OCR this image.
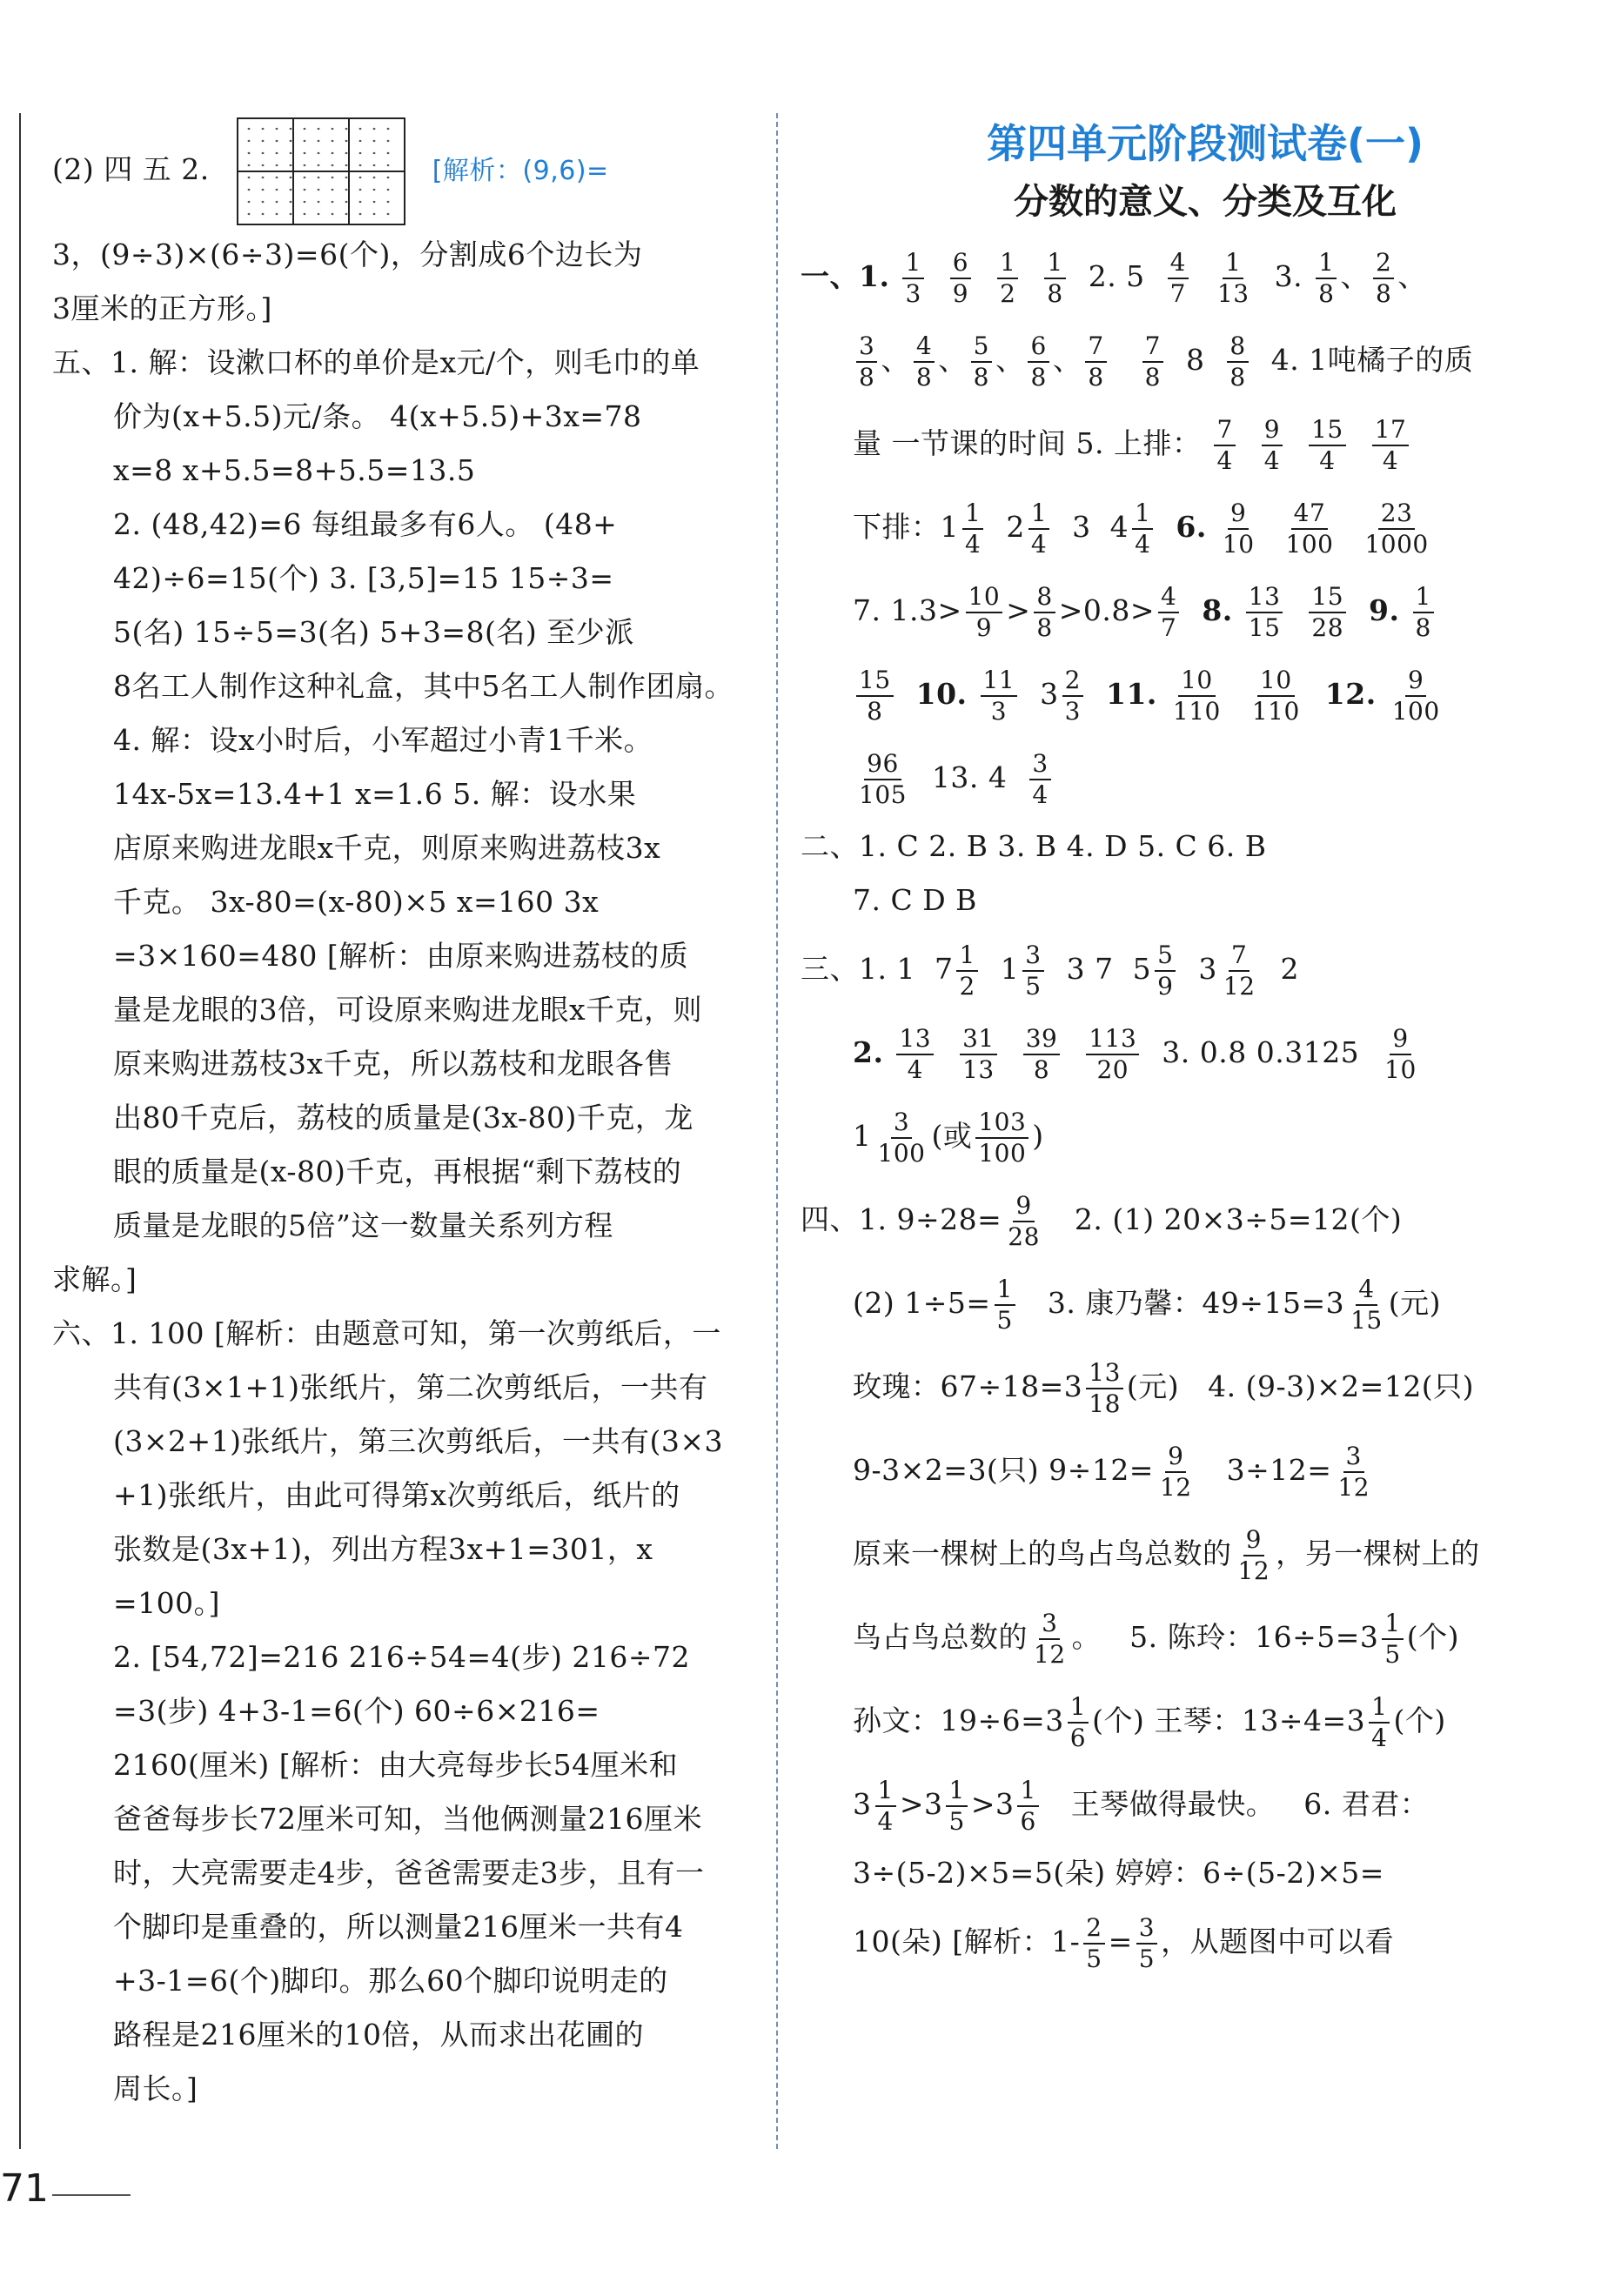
(2) 四 五 2.	[解析：(9,6)=

3，(9÷3)×(6÷3)=6(个)，分割成6个边长为

3厘米的正方形。]

五、1. 解：设漱口杯的单价是x元/个，则毛巾的单

价为(x+5.5)元/条。 4(x+5.5)+3x=78

x=8 x+5.5=8+5.5=13.5

2. (48,42)=6 每组最多有6人。 (48+

42)÷6=15(个) 3. [3,5]=15 15÷3=

5(名) 15÷5=3(名) 5+3=8(名) 至少派

8名工人制作这种礼盒，其中5名工人制作团扇。

4. 解：设x小时后，小军超过小青1千米。

14x-5x=13.4+1 x=1.6 5. 解：设水果

店原来购进龙眼x千克，则原来购进荔枝3x

千克。 3x-80=(x-80)×5 x=160 3x

=3×160=480 [解析：由原来购进荔枝的质

量是龙眼的3倍，可设原来购进龙眼x千克，则

原来购进荔枝3x千克，所以荔枝和龙眼各售

出80千克后，荔枝的质量是(3x-80)千克，龙

眼的质量是(x-80)千克，再根据“剩下荔枝的

质量是龙眼的5倍”这一数量关系列方程

求解。]

六、1. 100 [解析：由题意可知，第一次剪纸后，一

共有(3×1+1)张纸片，第二次剪纸后，一共有

(3×2+1)张纸片，第三次剪纸后，一共有(3×3

+1)张纸片，由此可得第x次剪纸后，纸片的

张数是(3x+1)，列出方程3x+1=301，x

=100。]

2. [54,72]=216 216÷54=4(步) 216÷72

=3(步) 4+3-1=6(个) 60÷6×216=

2160(厘米) [解析：由大亮每步长54厘米和

爸爸每步长72厘米可知，当他俩测量216厘米

时，大亮需要走4步，爸爸需要走3步，且有一

个脚印是重叠的，所以测量216厘米一共有4

+3-1=6(个)脚印。那么60个脚印说明走的

路程是216厘米的10倍，从而求出花圃的

周长。]

第四单元阶段测试卷(一)
分数的意义、分类及互化

一、1. $\frac{1}{3}$
$\frac{6}{9}$
$\frac{1}{2}$
$\frac{1}{8} 2$. $5 \frac{4}{7}$
$\frac{1}{13} 3$. $\frac{1}{8}$ 、 $\frac{2}{8}$ 、

$\frac{3}{8}$ 、 $\frac{4}{8}$ 、 $\frac{5}{8}$ 、 $\frac{6}{8}$ 、 $\frac{7}{8}$
$\frac{7}{8} 8 \frac{8}{8} 4$. 1吨橘子的质

量 一节课的时间 5. 上排： $\frac{7}{4}$
$\frac{9}{4}$
$\frac{15}{4}$
$\frac{17}{4}$

下排：$1 \frac{1}{4} 2 \frac{1}{4} 3$ $4 \frac{1}{4} 6$. $\frac{9}{10}$
$\frac{47}{100}$
$\frac{23}{1000}$

7. $1.3> \frac{10}{9} > \frac{8}{8} >0.8> \frac{4}{7} 8$. $\frac{13}{15}$
$\frac{15}{28} 9$. $\frac{1}{8}$

$\frac{15}{8} 10$. $\frac{11}{3} 3 \frac{2}{3} 11$. $\frac{10}{110}$
$\frac{10}{110} 12$. $\frac{9}{100}$

$\frac{96}{105} 13$. $4 \frac{3}{4}$

二、1. C 2. B 3. B 4. D 5. C 6. B

7. C D B

三、1. 1 $7 \frac{1}{2} 1 \frac{3}{5} 3$ 7 $5 \frac{5}{9} 3 \frac{7}{12} 2$

2. $\frac{13}{4}$
$\frac{31}{13}$
$\frac{39}{8}$
$\frac{113}{20} 3$. 0.8 $0.3125 \frac{9}{10}$

$1 \frac{3}{100}$ (或 $\frac{103}{100}$ )

四、1. $9\div 28= \frac{9}{28} 2$. (1) 20×3÷5=12(个)

(2) $1\div 5= \frac{1}{5} 3$. 康乃馨：$49\div 15=3 \frac{4}{15}$ (元)

玫瑰：$67\div 18=3 \frac{13}{18}$ (元) 4. (9-3)×2=12(只)

9-3×2=3(只) $9\div 12= \frac{9}{12} 3\div 12= \frac{3}{12}$

原来一棵树上的鸟占鸟总数的 $\frac{9}{12}$ ，另一棵树上的

鸟占鸟总数的 $\frac{3}{12}$ 。 5. 陈玲：$16\div 5=3 \frac{1}{5}$ (个)

孙文：$19\div 6=3 \frac{1}{6}$ (个) 王琴：$13\div 4=3 \frac{1}{4}$ (个)

$3 \frac{1}{4} >3 \frac{1}{5} >3 \frac{1}{6}$ 王琴做得最快。 6. 君君：

3÷(5-2)×5=5(朵) 婷婷：6÷(5-2)×5=

10(朵) [解析：$1- \frac{2}{5} = \frac{3}{5}$ ，从题图中可以看

71
